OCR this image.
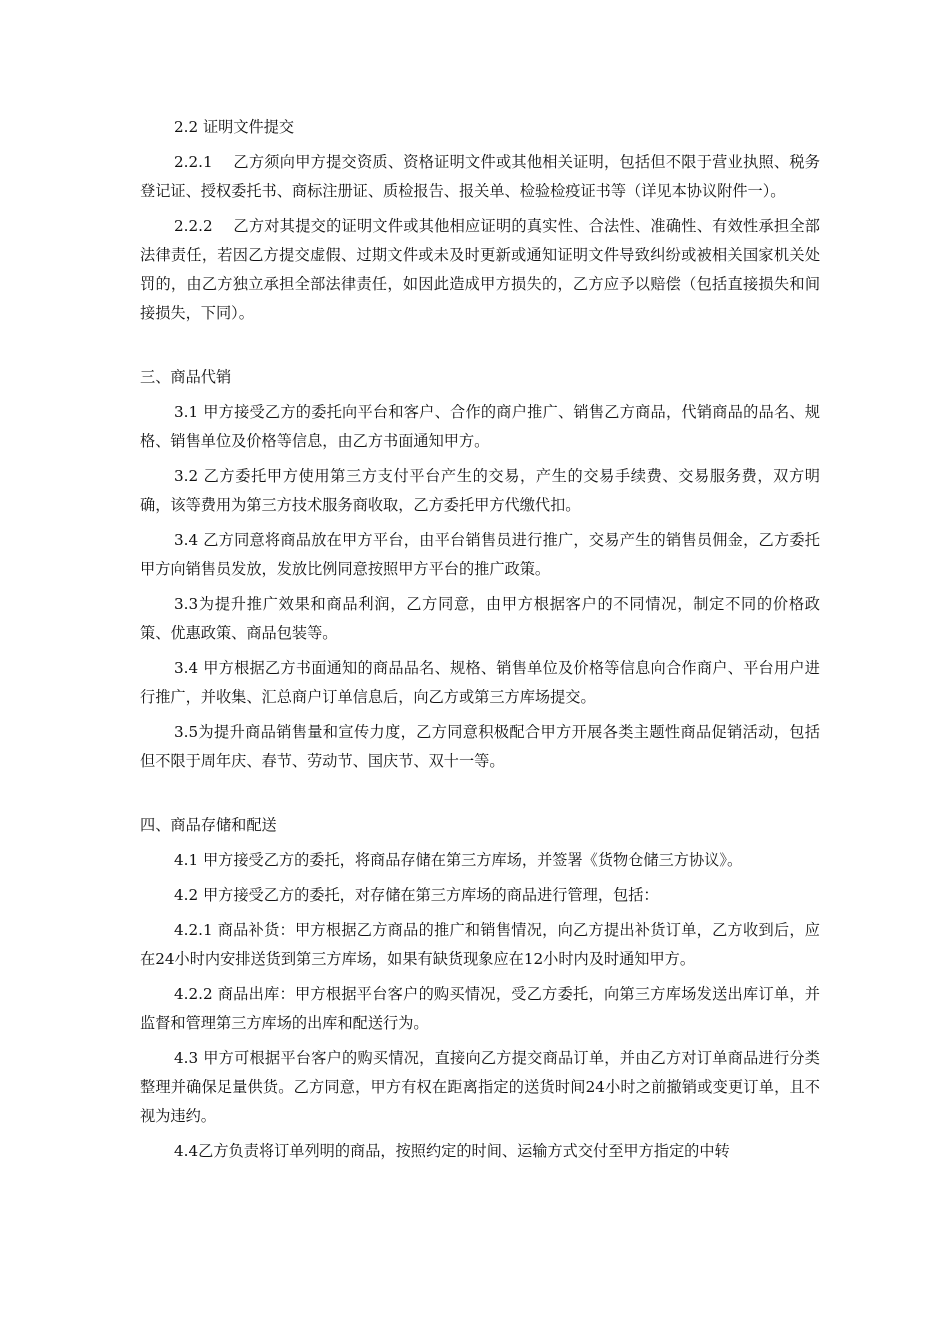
2.2 证明文件提交

2.2.1　 乙方须向甲方提交资质、资格证明文件或其他相关证明，包括但不限于营业执照、税务登记证、授权委托书、商标注册证、质检报告、报关单、检验检疫证书等（详见本协议附件一）。

2.2.2　 乙方对其提交的证明文件或其他相应证明的真实性、合法性、准确性、有效性承担全部法律责任，若因乙方提交虚假、过期文件或未及时更新或通知证明文件导致纠纷或被相关国家机关处罚的，由乙方独立承担全部法律责任，如因此造成甲方损失的，乙方应予以赔偿（包括直接损失和间接损失，下同）。

三、商品代销

3.1 甲方接受乙方的委托向平台和客户、合作的商户推广、销售乙方商品，代销商品的品名、规格、销售单位及价格等信息，由乙方书面通知甲方。

3.2 乙方委托甲方使用第三方支付平台产生的交易，产生的交易手续费、交易服务费，双方明确，该等费用为第三方技术服务商收取，乙方委托甲方代缴代扣。

3.4 乙方同意将商品放在甲方平台，由平台销售员进行推广，交易产生的销售员佣金，乙方委托甲方向销售员发放，发放比例同意按照甲方平台的推广政策。

3.3为提升推广效果和商品利润，乙方同意，由甲方根据客户的不同情况，制定不同的价格政策、优惠政策、商品包装等。

3.4 甲方根据乙方书面通知的商品品名、规格、销售单位及价格等信息向合作商户、平台用户进行推广，并收集、汇总商户订单信息后，向乙方或第三方库场提交。

3.5为提升商品销售量和宣传力度，乙方同意积极配合甲方开展各类主题性商品促销活动，包括但不限于周年庆、春节、劳动节、国庆节、双十一等。

四、商品存储和配送

4.1 甲方接受乙方的委托，将商品存储在第三方库场，并签署《货物仓储三方协议》。

4.2 甲方接受乙方的委托，对存储在第三方库场的商品进行管理，包括：

4.2.1 商品补货：甲方根据乙方商品的推广和销售情况，向乙方提出补货订单，乙方收到后，应在24小时内安排送货到第三方库场，如果有缺货现象应在12小时内及时通知甲方。

4.2.2 商品出库：甲方根据平台客户的购买情况，受乙方委托，向第三方库场发送出库订单，并监督和管理第三方库场的出库和配送行为。

4.3 甲方可根据平台客户的购买情况，直接向乙方提交商品订单，并由乙方对订单商品进行分类整理并确保足量供货。乙方同意，甲方有权在距离指定的送货时间24小时之前撤销或变更订单，且不视为违约。

4.4乙方负责将订单列明的商品，按照约定的时间、运输方式交付至甲方指定的中转
